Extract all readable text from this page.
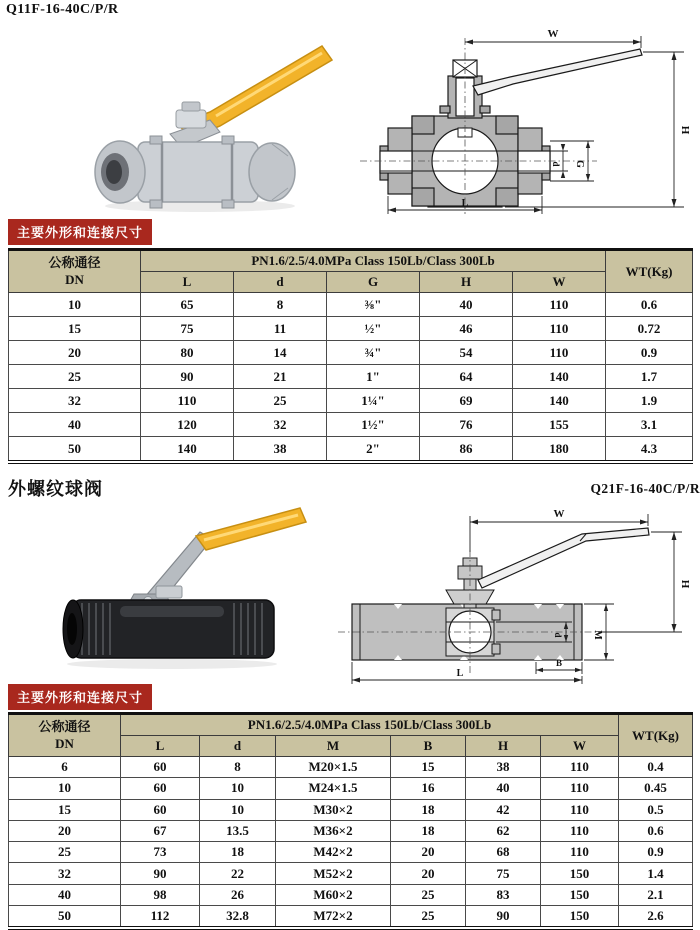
Q11F-16-40C/P/R
W
H
d G
L
主要外形和连接尺寸
公称通径
DN	PN1.6/2.5/4.0MPa Class 150Lb/Class 300Lb					WT(Kg)
	L	d	G	H	W	
10	65	8	⅜"	40	110	0.6
15	75	11	½"	46	110	0.72
20	80	14	¾"	54	110	0.9
25	90	21	1"	64	140	1.7
32	110	25	1¼"	69	140	1.9
40	120	32	1½"	76	155	3.1
50	140	38	2"	86	180	4.3
外螺纹球阀	Q21F-16-40C/P/R
W
H
d	M
B
L
主要外形和连接尺寸
公称通径
DN	PN1.6/2.5/4.0MPa Class 150Lb/Class 300Lb						WT(Kg)
	L	d	M	B	H	W	
6	60	8	M20×1.5	15	38	110	0.4
10	60	10	M24×1.5	16	40	110	0.45
15	60	10	M30×2	18	42	110	0.5
20	67	13.5	M36×2	18	62	110	0.6
25	73	18	M42×2	20	68	110	0.9
32	90	22	M52×2	20	75	150	1.4
40	98	26	M60×2	25	83	150	2.1
50	112	32.8	M72×2	25	90	150	2.6
